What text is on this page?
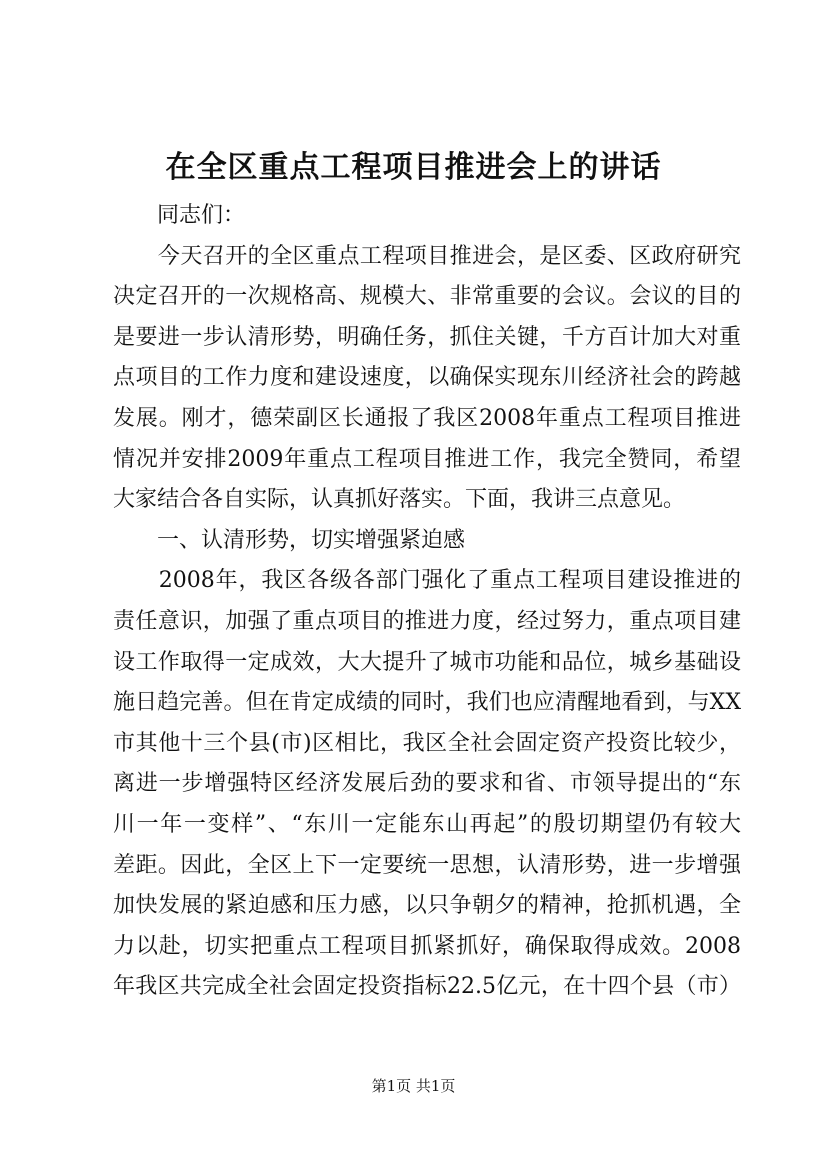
在全区重点工程项目推进会上的讲话
　　同志们：
　　今天召开的全区重点工程项目推进会，是区委、区政府研究
决定召开的一次规格高、规模大、非常重要的会议。会议的目的
是要进一步认清形势，明确任务，抓住关键，千方百计加大对重
点项目的工作力度和建设速度，以确保实现东川经济社会的跨越
发展。刚才，德荣副区长通报了我区2008年重点工程项目推进
情况并安排2009年重点工程项目推进工作，我完全赞同，希望
大家结合各自实际，认真抓好落实。下面，我讲三点意见。
　　一、认清形势，切实增强紧迫感
　　2008年，我区各级各部门强化了重点工程项目建设推进的
责任意识，加强了重点项目的推进力度，经过努力，重点项目建
设工作取得一定成效，大大提升了城市功能和品位，城乡基础设
施日趋完善。但在肯定成绩的同时，我们也应清醒地看到，与XX
市其他十三个县(市)区相比，我区全社会固定资产投资比较少，
离进一步增强特区经济发展后劲的要求和省、市领导提出的“东
川一年一变样”、“东川一定能东山再起”的殷切期望仍有较大
差距。因此，全区上下一定要统一思想，认清形势，进一步增强
加快发展的紧迫感和压力感，以只争朝夕的精神，抢抓机遇，全
力以赴，切实把重点工程项目抓紧抓好，确保取得成效。2008
年我区共完成全社会固定投资指标22.5亿元，在十四个县（市）
第1页 共1页
